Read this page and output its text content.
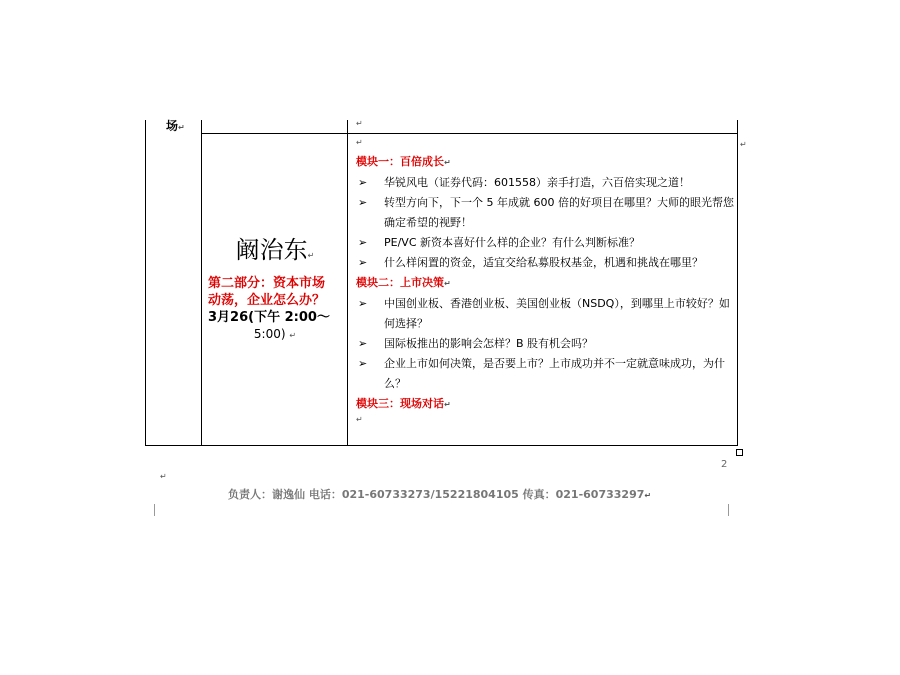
场↵	↵
↵
阚治东↵
第二部分：资本市场
动荡，企业怎么办？
3月26(下午 2:00～
5:00) ↵
↵
模块一：百倍成长↵
➢ 华锐风电（证券代码：601558）亲手打造，六百倍实现之道！
➢ 转型方向下，下一个 5 年成就 600 倍的好项目在哪里？大师的眼光帮您确定希望的视野！
➢ PE/VC 新资本喜好什么样的企业？有什么判断标准？
➢ 什么样闲置的资金，适宜交给私募股权基金，机遇和挑战在哪里？
模块二：上市决策↵
➢ 中国创业板、香港创业板、美国创业板（NSDQ），到哪里上市较好？如何选择？
➢ 国际板推出的影响会怎样？B 股有机会吗？
➢ 企业上市如何决策，是否要上市？上市成功并不一定就意味成功，为什么？
模块三：现场对话↵
↵
2
↵
负责人：谢逸仙 电话：021-60733273/15221804105 传真：021-60733297↵
